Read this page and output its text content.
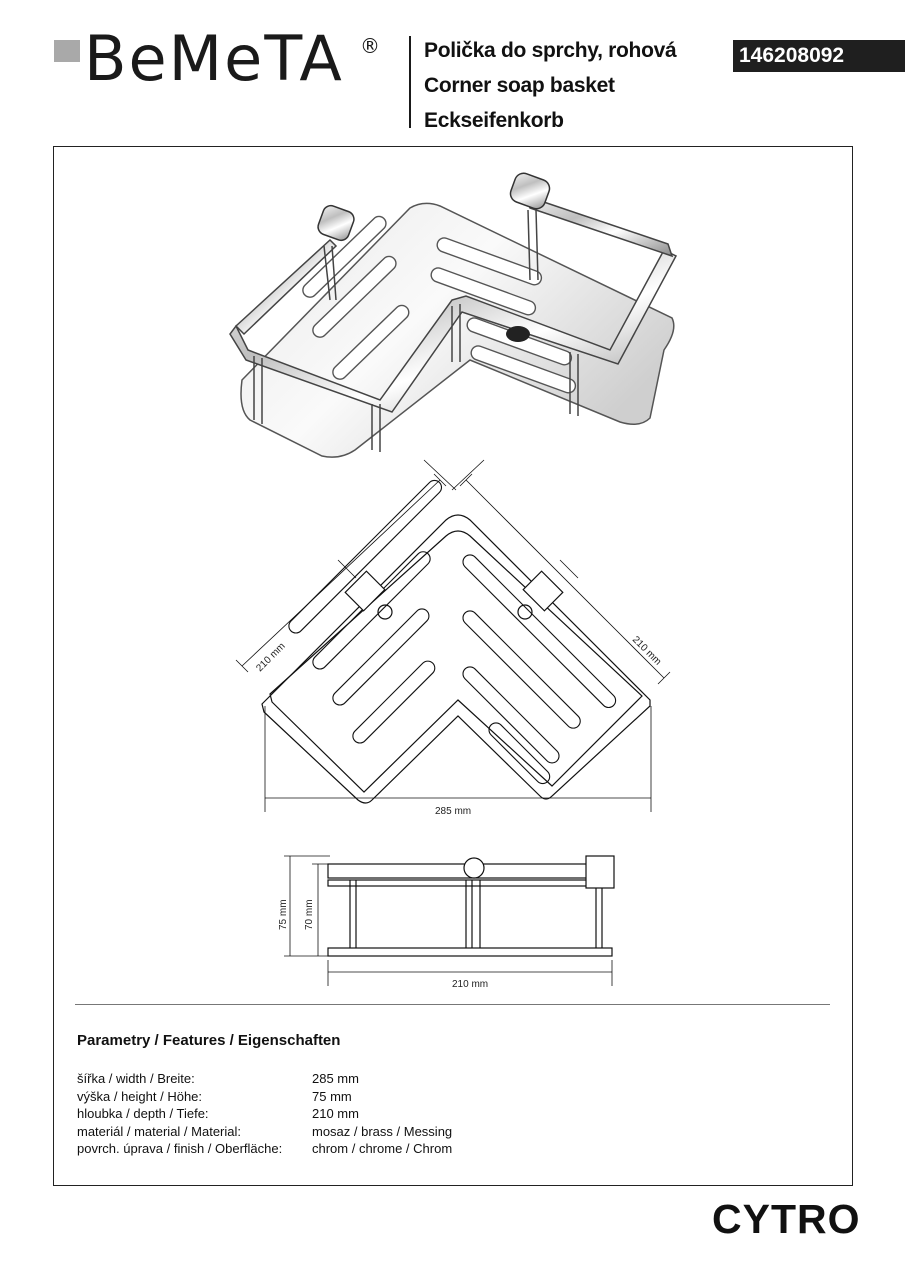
BeMeTA ® Polička do sprchy, rohová
Corner soap basket
Eckseifenkorb
146208092
210 mm	210 mm
285 mm
75 mm 70 mm
210 mm
Parametry / Features / Eigenschaften
šířka / width / Breite:	285 mm
výška / height / Höhe:	75 mm
hloubka / depth / Tiefe:	210 mm
materiál / material / Material:	mosaz / brass / Messing
povrch. úprava / finish / Oberfläche:	chrom / chrome / Chrom
CYTRO
